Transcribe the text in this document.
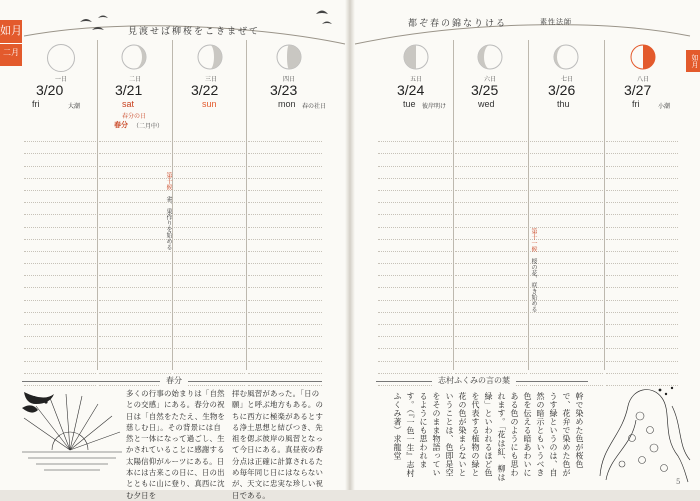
如月
二月
如月
見渡せば柳桜をこきまぜて
都ぞ春の錦なりける	素性法師
一日
3/20
fri	大潮
二日
3/21
sat
春分の日
春分 （二月中）
三日
3/22
sun
四日
3/23
mon 春の社日
第十候　雀、巣作りを始める
五日
3/24
tue 彼岸明け
六日
3/25
wed
七日
3/26
thu
八日
3/27
fri	小潮
第十一候　桜の花、咲き始める
春分
多くの行事の始まりは「自然との交感」にある。春分の祝日は「自然をたたえ、生物を慈しむ日」。その背景には自然と一体になって過ごし、生かされていることに感謝する太陽信仰がルーツにある。日本には古来この日に、日の出とともに山に登り、真西に沈む夕日を
拝む風習があった。「日の願」と呼ぶ地方もある。のちに西方に極楽があるとする浄土思想と結びつき、先祖を偲ぶ彼岸の風習となって今日にある。真昼夜の春分点は正確に計算されるため毎年同じ日にはならないが、天文に忠実な珍しい祝日である。
志村ふくみの言の葉
幹で染めた色が桜色で、花弁で染めた色がうす緑というのは、自然の暗示ともいうべき色を伝える暗あわいにある色のようにも思われます。「花は紅、柳は緑」といわれるほど色を代表する植物の緑と花の色が染まらないということは、色即是空をそのまま物語っているようにも思われます。（『一色一生』志村ふくみ著）求龍堂
5
